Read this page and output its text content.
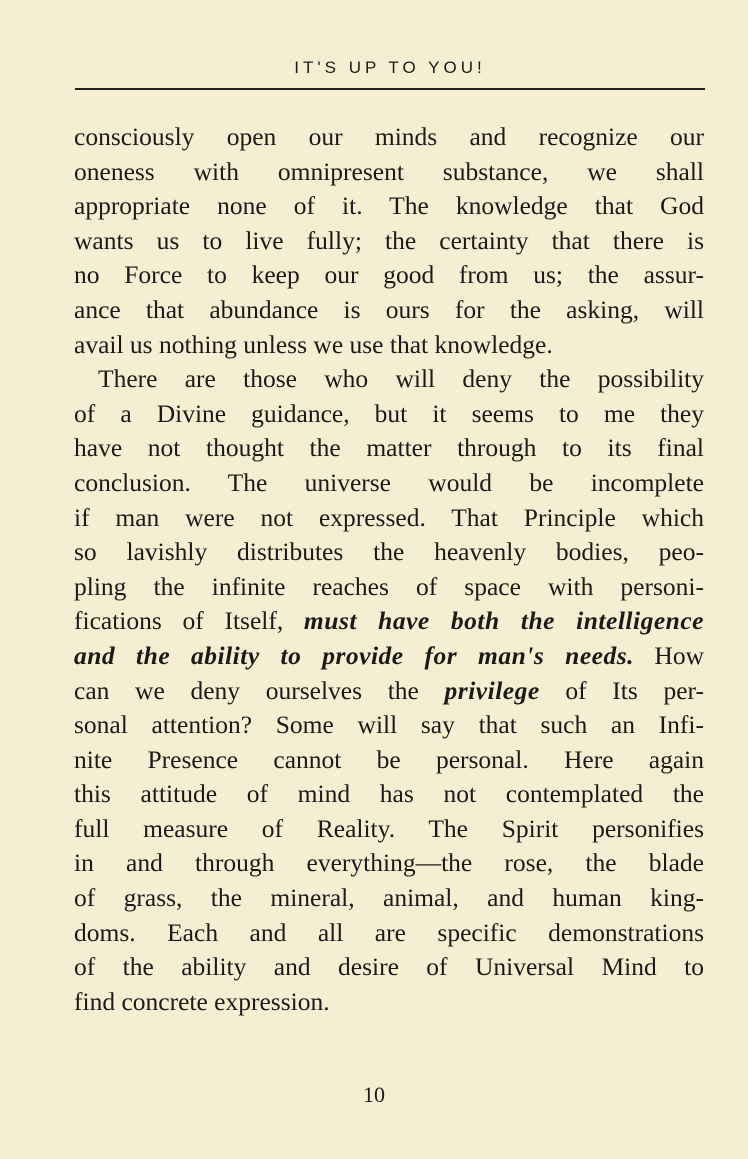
IT'S UP TO YOU!
consciously open our minds and recognize our
oneness with omnipresent substance, we shall
appropriate none of it. The knowledge that God
wants us to live fully; the certainty that there is
no Force to keep our good from us; the assur-
ance that abundance is ours for the asking, will
avail us nothing unless we use that knowledge.
There are those who will deny the possibility
of a Divine guidance, but it seems to me they
have not thought the matter through to its final
conclusion. The universe would be incomplete
if man were not expressed. That Principle which
so lavishly distributes the heavenly bodies, peo-
pling the infinite reaches of space with personi-
fications of Itself, must have both the intelligence
and the ability to provide for man's needs. How
can we deny ourselves the privilege of Its per-
sonal attention? Some will say that such an Infi-
nite Presence cannot be personal. Here again
this attitude of mind has not contemplated the
full measure of Reality. The Spirit personifies
in and through everything—the rose, the blade
of grass, the mineral, animal, and human king-
doms. Each and all are specific demonstrations
of the ability and desire of Universal Mind to
find concrete expression.
10
